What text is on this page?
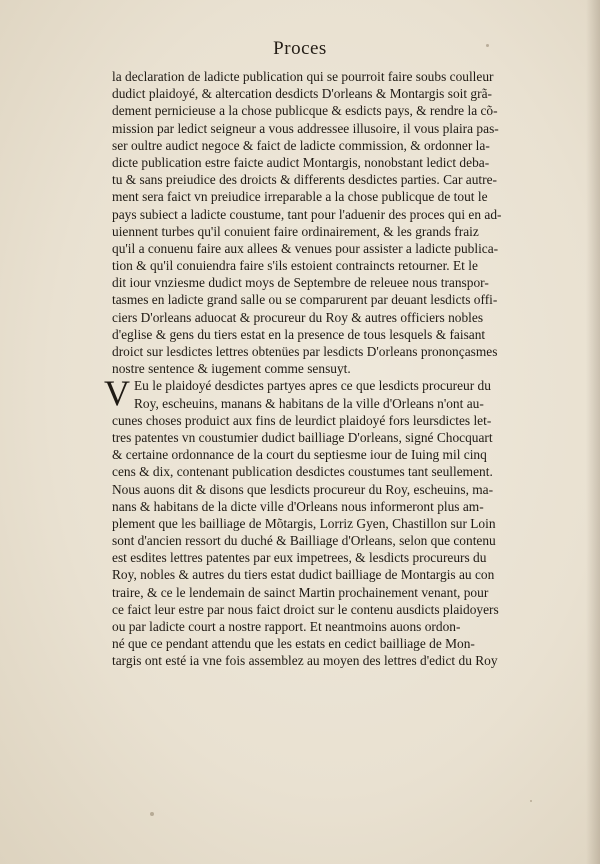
Proces
la declaration de ladicte publication qui se pourroit faire soubs coulleur
dudict plaidoyé, & altercation desdicts D'orleans & Montargis soit grã-
dement pernicieuse a la chose publicque & esdicts pays, & rendre la cõ-
mission par ledict seigneur a vous addressee illusoire, il vous plaira pas-
ser oultre audict negoce & faict de ladicte commission, & ordonner la-
dicte publication estre faicte audict Montargis, nonobstant ledict deba-
tu & sans preiudice des droicts & differents desdictes parties. Car autre-
ment sera faict vn preiudice irreparable a la chose publicque de tout le
pays subiect a ladicte coustume, tant pour l'aduenir des proces qui en ad-
uiennent turbes qu'il conuient faire ordinairement, & les grands fraiz
qu'il a conuenu faire aux allees & venues pour assister a ladicte publica-
tion & qu'il conuiendra faire s'ils estoient contraincts retourner. Et le
dit iour vnziesme dudict moys de Septembre de releuee nous transpor-
tasmes en ladicte grand salle ou se comparurent par deuant lesdicts offi-
ciers D'orleans aduocat & procureur du Roy & autres officiers nobles
d'eglise & gens du tiers estat en la presence de tous lesquels & faisant
droict sur lesdictes lettres obtenües par lesdicts D'orleans prononçasmes
nostre sentence & iugement comme sensuyt.
V Eu le plaidoyé desdictes partyes apres ce que lesdicts procureur du
Roy, escheuins, manans & habitans de la ville d'Orleans n'ont au-
cunes choses produict aux fins de leurdict plaidoyé fors leursdictes let-
tres patentes vn coustumier dudict bailliage D'orleans, signé Chocquart
& certaine ordonnance de la court du septiesme iour de Iuing mil cinq
cens & dix, contenant publication desdictes coustumes tant seullement.
Nous auons dit & disons que lesdicts procureur du Roy, escheuins, ma-
nans & habitans de la dicte ville d'Orleans nous informeront plus am-
plement que les bailliage de Mõtargis, Lorriz Gyen, Chastillon sur Loin
sont d'ancien ressort du duché & Bailliage d'Orleans, selon que contenu
est esdites lettres patentes par eux impetrees, & lesdicts procureurs du
Roy, nobles & autres du tiers estat dudict bailliage de Montargis au con
traire, & ce le lendemain de sainct Martin prochainement venant, pour
ce faict leur estre par nous faict droict sur le contenu ausdicts plaidoyers
ou par ladicte court a nostre rapport. Et neantmoins auons ordon-
né que ce pendant attendu que les estats en cedict bailliage de Mon-
targis ont esté ia vne fois assemblez au moyen des lettres d'edict du Roy
